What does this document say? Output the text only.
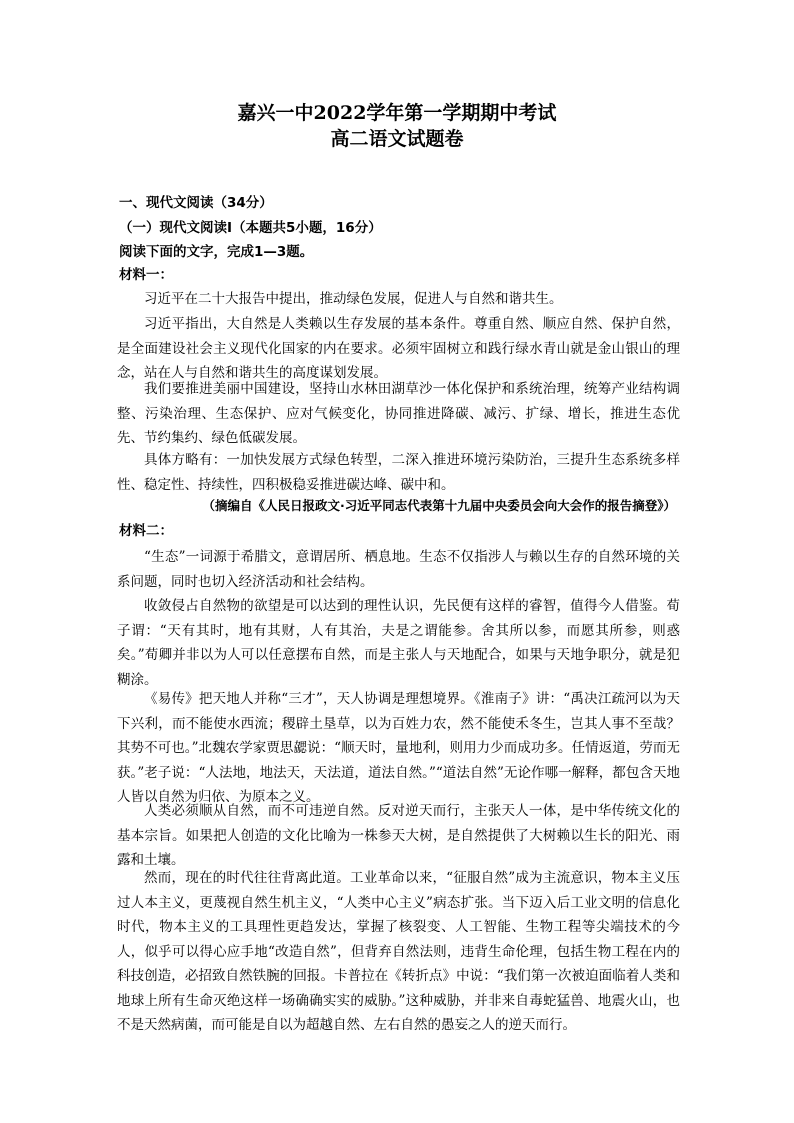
嘉兴一中2022学年第一学期期中考试
高二语文试题卷
一、现代文阅读（34分）
（一）现代文阅读Ⅰ（本题共5小题，16分）
阅读下面的文字，完成1—3题。
材料一：
习近平在二十大报告中提出，推动绿色发展，促进人与自然和谐共生。
习近平指出，大自然是人类赖以生存发展的基本条件。尊重自然、顺应自然、保护自然，是全面建设社会主义现代化国家的内在要求。必须牢固树立和践行绿水青山就是金山银山的理念，站在人与自然和谐共生的高度谋划发展。
我们要推进美丽中国建设，坚持山水林田湖草沙一体化保护和系统治理，统筹产业结构调整、污染治理、生态保护、应对气候变化，协同推进降碳、减污、扩绿、增长，推进生态优先、节约集约、绿色低碳发展。
具体方略有：一加快发展方式绿色转型，二深入推进环境污染防治，三提升生态系统多样性、稳定性、持续性，四积极稳妥推进碳达峰、碳中和。
（摘编自《人民日报政文·习近平同志代表第十九届中央委员会向大会作的报告摘登》）
材料二：
“生态”一词源于希腊文，意谓居所、栖息地。生态不仅指涉人与赖以生存的自然环境的关系问题，同时也切入经济活动和社会结构。
收敛侵占自然物的欲望是可以达到的理性认识，先民便有这样的睿智，值得今人借鉴。荀子谓：“天有其时，地有其财，人有其治，夫是之谓能参。舍其所以参，而愿其所参，则惑矣。”荀卿并非以为人可以任意摆布自然，而是主张人与天地配合，如果与天地争职分，就是犯糊涂。
《易传》把天地人并称“三才”，天人协调是理想境界。《淮南子》讲：“禹决江疏河以为天下兴利，而不能使水西流；稷辟土垦草，以为百姓力农，然不能使禾冬生，岂其人事不至哉？其势不可也。”北魏农学家贾思勰说：“顺天时，量地利，则用力少而成功多。任情返道，劳而无获。”老子说：“人法地，地法天，天法道，道法自然。”“道法自然”无论作哪一解释，都包含天地人皆以自然为归依、为原本之义。
人类必须顺从自然，而不可违逆自然。反对逆天而行，主张天人一体，是中华传统文化的基本宗旨。如果把人创造的文化比喻为一株参天大树，是自然提供了大树赖以生长的阳光、雨露和土壤。
然而，现在的时代往往背离此道。工业革命以来，“征服自然”成为主流意识，物本主义压过人本主义，更蔑视自然生机主义，“人类中心主义”病态扩张。当下迈入后工业文明的信息化时代，物本主义的工具理性更趋发达，掌握了核裂变、人工智能、生物工程等尖端技术的今人，似乎可以得心应手地“改造自然”，但背弃自然法则，违背生命伦理，包括生物工程在内的科技创造，必招致自然铁腕的回报。卡普拉在《转折点》中说：“我们第一次被迫面临着人类和地球上所有生命灭绝这样一场确确实实的威胁。”这种威胁，并非来自毒蛇猛兽、地震火山，也不是天然病菌，而可能是自以为超越自然、左右自然的愚妄之人的逆天而行。
